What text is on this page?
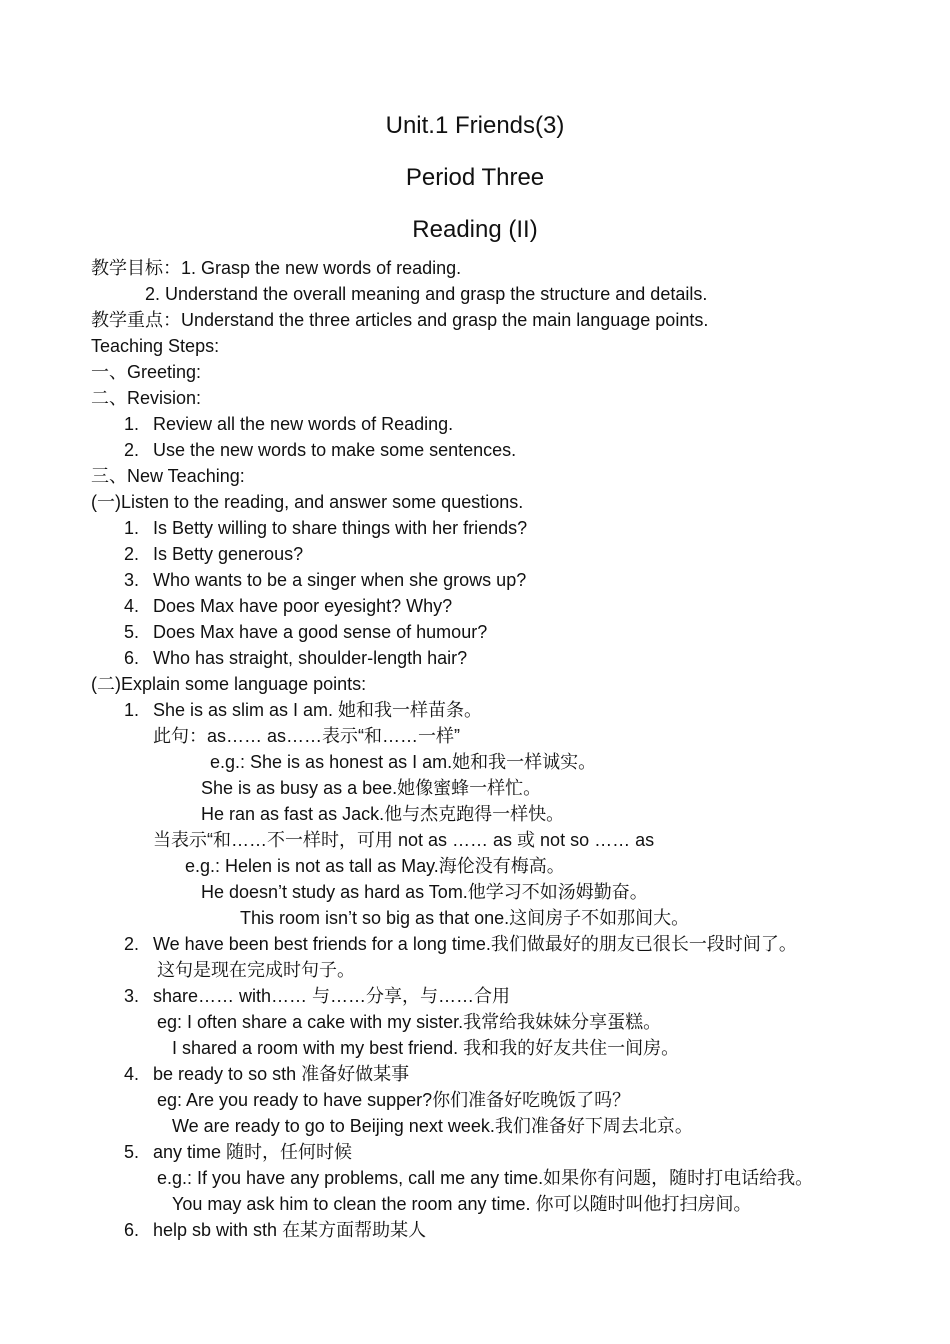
Unit.1 Friends(3)
Period Three
Reading (II)
教学目标：1. Grasp the new words of reading.
2. Understand the overall meaning and grasp the structure and details.
教学重点：Understand the three articles and grasp the main language points.
Teaching Steps:
一、Greeting:
二、Revision:
1. Review all the new words of Reading.
2. Use the new words to make some sentences.
三、New Teaching:
(一)Listen to the reading, and answer some questions.
1. Is Betty willing to share things with her friends?
2. Is Betty generous?
3. Who wants to be a singer when she grows up?
4. Does Max have poor eyesight? Why?
5. Does Max have a good sense of humour?
6. Who has straight, shoulder-length hair?
(二)Explain some language points:
1. She is as slim as I am. 她和我一样苗条。
此句：as…… as……表示“和……一样”
e.g.: She is as honest as I am.她和我一样诚实。
She is as busy as a bee.她像蜜蜂一样忙。
He ran as fast as Jack.他与杰克跑得一样快。
当表示“和……不一样时，可用 not as …… as 或 not so …… as
e.g.: Helen is not as tall as May.海伦没有梅高。
He doesn’t study as hard as Tom.他学习不如汤姆勤奋。
This room isn’t so big as that one.这间房子不如那间大。
2. We have been best friends for a long time.我们做最好的朋友已很长一段时间了。
这句是现在完成时句子。
3. share…… with…… 与……分享，与……合用
eg: I often share a cake with my sister.我常给我妹妹分享蛋糕。
I shared a room with my best friend. 我和我的好友共住一间房。
4. be ready to so sth 准备好做某事
eg: Are you ready to have supper?你们准备好吃晚饭了吗？
We are ready to go to Beijing next week.我们准备好下周去北京。
5. any time 随时，任何时候
e.g.: If you have any problems, call me any time.如果你有问题，随时打电话给我。
You may ask him to clean the room any time. 你可以随时叫他打扫房间。
6. help sb with sth 在某方面帮助某人
